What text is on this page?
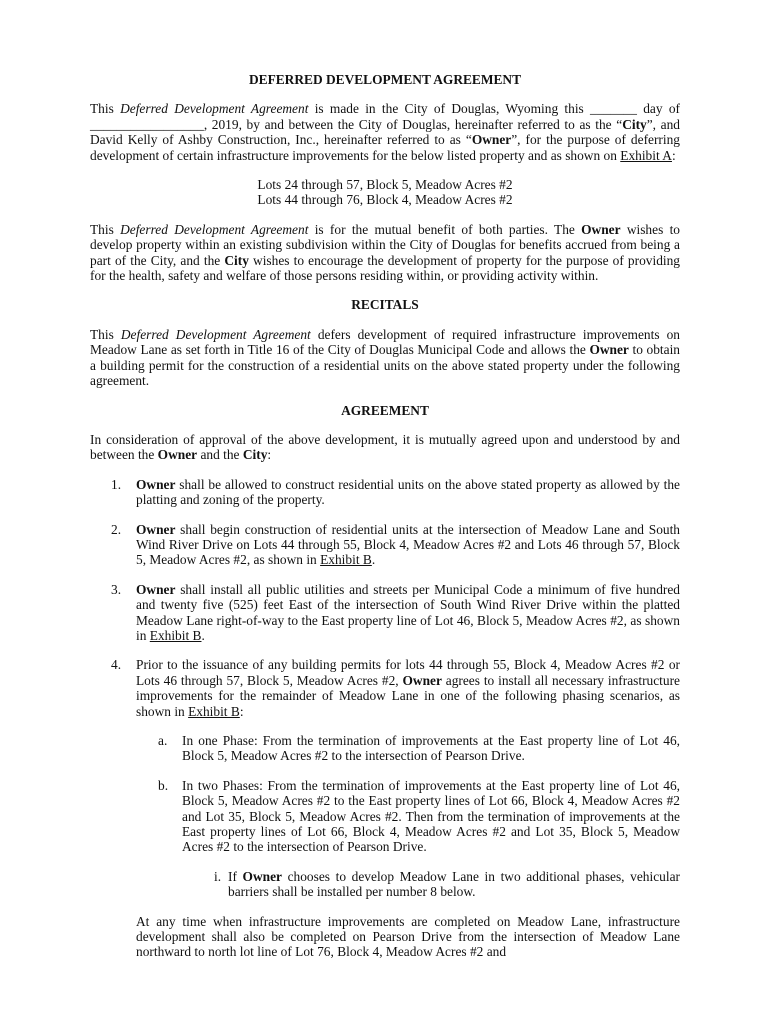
DEFERRED DEVELOPMENT AGREEMENT

This Deferred Development Agreement is made in the City of Douglas, Wyoming this _______ day of _________________, 2019, by and between the City of Douglas, hereinafter referred to as the “City”, and David Kelly of Ashby Construction, Inc., hereinafter referred to as “Owner”, for the purpose of deferring development of certain infrastructure improvements for the below listed property and as shown on Exhibit A:

Lots 24 through 57, Block 5, Meadow Acres #2
Lots 44 through 76, Block 4, Meadow Acres #2

This Deferred Development Agreement is for the mutual benefit of both parties. The Owner wishes to develop property within an existing subdivision within the City of Douglas for benefits accrued from being a part of the City, and the City wishes to encourage the development of property for the purpose of providing for the health, safety and welfare of those persons residing within, or providing activity within.

RECITALS

This Deferred Development Agreement defers development of required infrastructure improvements on Meadow Lane as set forth in Title 16 of the City of Douglas Municipal Code and allows the Owner to obtain a building permit for the construction of a residential units on the above stated property under the following agreement.

AGREEMENT

In consideration of approval of the above development, it is mutually agreed upon and understood by and between the Owner and the City:

1. Owner shall be allowed to construct residential units on the above stated property as allowed by the platting and zoning of the property.
2. Owner shall begin construction of residential units at the intersection of Meadow Lane and South Wind River Drive on Lots 44 through 55, Block 4, Meadow Acres #2 and Lots 46 through 57, Block 5, Meadow Acres #2, as shown in Exhibit B.
3. Owner shall install all public utilities and streets per Municipal Code a minimum of five hundred and twenty five (525) feet East of the intersection of South Wind River Drive within the platted Meadow Lane right-of-way to the East property line of Lot 46, Block 5, Meadow Acres #2, as shown in Exhibit B.
4. Prior to the issuance of any building permits for lots 44 through 55, Block 4, Meadow Acres #2 or Lots 46 through 57, Block 5, Meadow Acres #2, Owner agrees to install all necessary infrastructure improvements for the remainder of Meadow Lane in one of the following phasing scenarios, as shown in Exhibit B:
a. In one Phase: From the termination of improvements at the East property line of Lot 46, Block 5, Meadow Acres #2 to the intersection of Pearson Drive.
b. In two Phases: From the termination of improvements at the East property line of Lot 46, Block 5, Meadow Acres #2 to the East property lines of Lot 66, Block 4, Meadow Acres #2 and Lot 35, Block 5, Meadow Acres #2. Then from the termination of improvements at the East property lines of Lot 66, Block 4, Meadow Acres #2 and Lot 35, Block 5, Meadow Acres #2 to the intersection of Pearson Drive.
i. If Owner chooses to develop Meadow Lane in two additional phases, vehicular barriers shall be installed per number 8 below.

At any time when infrastructure improvements are completed on Meadow Lane, infrastructure development shall also be completed on Pearson Drive from the intersection of Meadow Lane northward to north lot line of Lot 76, Block 4, Meadow Acres #2 and
